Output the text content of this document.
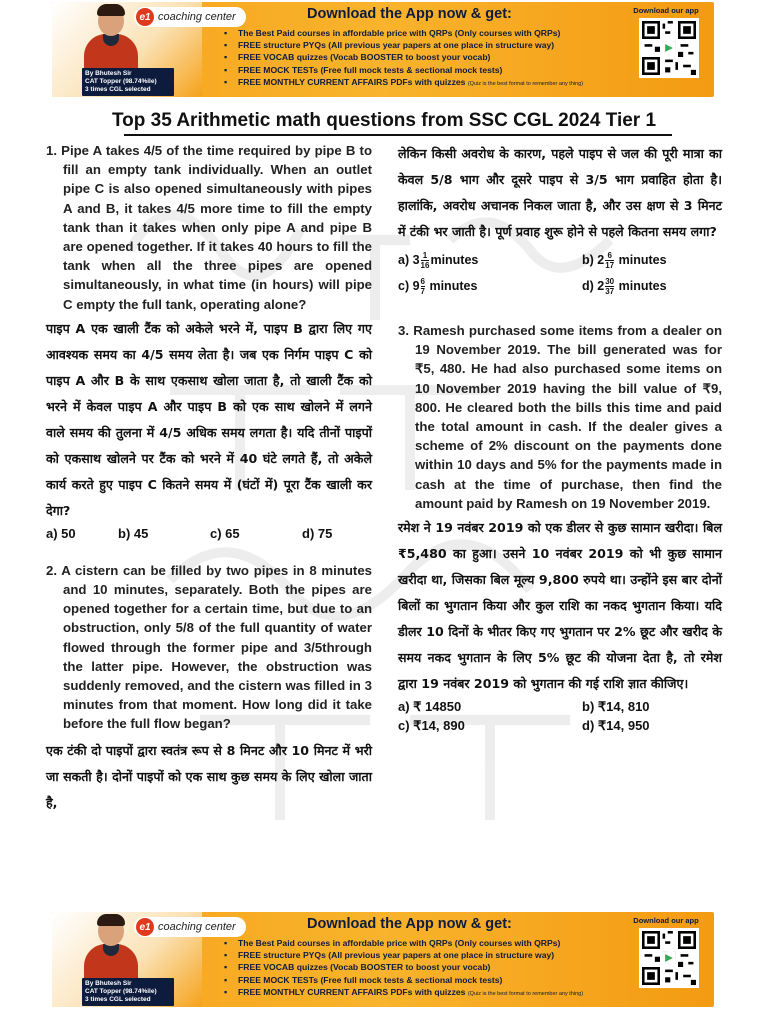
By Bhutesh Sir
CAT Topper (98.74%ile)
3 times CGL selected
e1 coaching center	Download the App now & get:
▪ The Best Paid courses in affordable price with QRPs (Only courses with QRPs)
▪ FREE structure PYQs (All previous year papers at one place in structure way)
▪ FREE VOCAB quizzes (Vocab BOOSTER to boost your vocab)
▪ FREE MOCK TESTs (Free full mock tests & sectional mock tests)
▪ FREE MONTHLY CURRENT AFFAIRS PDFs with quizzes (Quiz is the best format to remember any thing)
Download our app
Top 35 Arithmetic math questions from SSC CGL 2024 Tier 1

1. Pipe A takes 4/5 of the time required by pipe B to fill an empty tank individually. When an outlet pipe C is also opened simultaneously with pipes A and B, it takes 4/5 more time to fill the empty tank than it takes when only pipe A and pipe B are opened together. If it takes 40 hours to fill the tank when all the three pipes are opened simultaneously, in what time (in hours) will pipe C empty the full tank, operating alone?

पाइप A एक खाली टैंक को अकेले भरने में, पाइप B द्वारा लिए गए आवश्यक समय का 4/5 समय लेता है। जब एक निर्गम पाइप C को पाइप A और B के साथ एकसाथ खोला जाता है, तो खाली टैंक को भरने में केवल पाइप A और पाइप B को एक साथ खोलने में लगने वाले समय की तुलना में 4/5 अधिक समय लगता है। यदि तीनों पाइपों को एकसाथ खोलने पर टैंक को भरने में 40 घंटे लगते हैं, तो अकेले कार्य करते हुए पाइप C कितने समय में (घंटों में) पूरा टैंक खाली कर देगा?

a) 50	b) 45	c) 65	d) 75

2. A cistern can be filled by two pipes in 8 minutes and 10 minutes, separately. Both the pipes are opened together for a certain time, but due to an obstruction, only 5/8 of the full quantity of water flowed through the former pipe and 3/5through the latter pipe. However, the obstruction was suddenly removed, and the cistern was filled in 3 minutes from that moment. How long did it take before the full flow began?

एक टंकी दो पाइपों द्वारा स्वतंत्र रूप से 8 मिनट और 10 मिनट में भरी जा सकती है। दोनों पाइपों को एक साथ कुछ समय के लिए खोला जाता है,

लेकिन किसी अवरोध के कारण, पहले पाइप से जल की पूरी मात्रा का केवल 5/8 भाग और दूसरे पाइप से 3/5 भाग प्रवाहित होता है। हालांकि, अवरोध अचानक निकल जाता है, और उस क्षण से 3 मिनट में टंकी भर जाती है। पूर्ण प्रवाह शुरू होने से पहले कितना समय लगा?

a) $3 \frac{1}{16}$ minutes	b) $2 \frac{6}{17}$ minutes
c) $9 \frac{6}{7}$ minutes	d) $2 \frac{30}{37}$ minutes

3. Ramesh purchased some items from a dealer on 19 November 2019. The bill generated was for ₹5, 480. He had also purchased some items on 10 November 2019 having the bill value of ₹9, 800. He cleared both the bills this time and paid the total amount in cash. If the dealer gives a scheme of 2% discount on the payments done within 10 days and 5% for the payments made in cash at the time of purchase, then find the amount paid by Ramesh on 19 November 2019.

रमेश ने 19 नवंबर 2019 को एक डीलर से कुछ सामान खरीदा। बिल ₹5,480 का हुआ। उसने 10 नवंबर 2019 को भी कुछ सामान खरीदा था, जिसका बिल मूल्य 9,800 रुपये था। उन्होंने इस बार दोनों बिलों का भुगतान किया और कुल राशि का नकद भुगतान किया। यदि डीलर 10 दिनों के भीतर किए गए भुगतान पर 2% छूट और खरीद के समय नकद भुगतान के लिए 5% छूट की योजना देता है, तो रमेश द्वारा 19 नवंबर 2019 को भुगतान की गई राशि ज्ञात कीजिए।

a) ₹ 14850	b) ₹14, 810
c) ₹14, 890	d) ₹14, 950
By Bhutesh Sir
CAT Topper (98.74%ile)
3 times CGL selected
e1 coaching center	Download the App now & get:
▪ The Best Paid courses in affordable price with QRPs (Only courses with QRPs)
▪ FREE structure PYQs (All previous year papers at one place in structure way)
▪ FREE VOCAB quizzes (Vocab BOOSTER to boost your vocab)
▪ FREE MOCK TESTs (Free full mock tests & sectional mock tests)
▪ FREE MONTHLY CURRENT AFFAIRS PDFs with quizzes (Quiz is the best format to remember any thing)
Download our app
